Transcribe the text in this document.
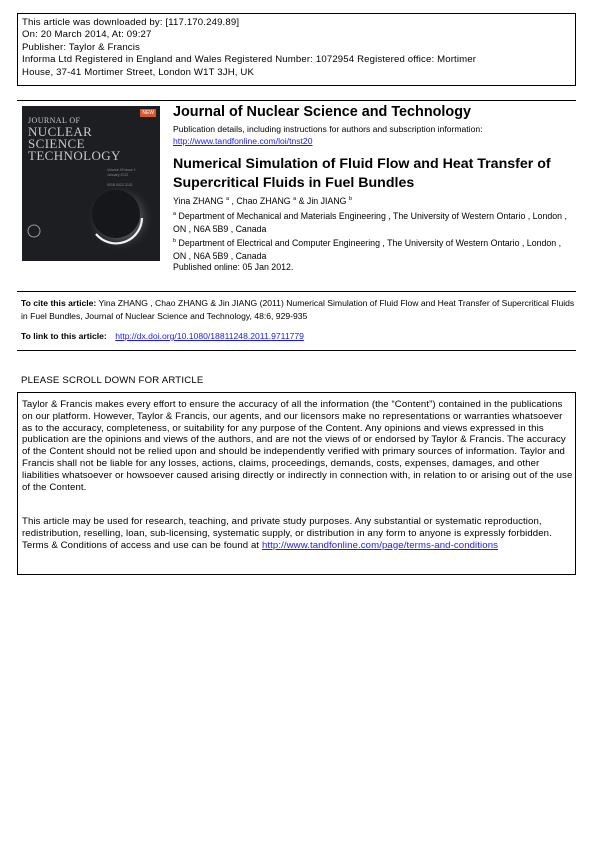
This article was downloaded by: [117.170.249.89]
On: 20 March 2014, At: 09:27
Publisher: Taylor & Francis
Informa Ltd Registered in England and Wales Registered Number: 1072954 Registered office: Mortimer
House, 37-41 Mortimer Street, London W1T 3JH, UK
NEW
JOURNAL OF
NUCLEAR
SCIENCE
TECHNOLOGY
Volume 49 Issue 1 January 2012

ISSN 0022-3131
Journal of Nuclear Science and Technology
Publication details, including instructions for authors and subscription information:
http://www.tandfonline.com/loi/tnst20
Numerical Simulation of Fluid Flow and Heat Transfer of Supercritical Fluids in Fuel Bundles
Yina ZHANG $^a$ , Chao ZHANG $^a$ & Jin JIANG $^b$
$^a$ Department of Mechanical and Materials Engineering , The University of Western Ontario , London , ON , N6A 5B9 , Canada
$^b$ Department of Electrical and Computer Engineering , The University of Western Ontario , London , ON , N6A 5B9 , Canada
Published online: 05 Jan 2012.
To cite this article: Yina ZHANG , Chao ZHANG & Jin JIANG (2011) Numerical Simulation of Fluid Flow and Heat Transfer of Supercritical Fluids in Fuel Bundles, Journal of Nuclear Science and Technology, 48:6, 929-935
To link to this article: http://dx.doi.org/10.1080/18811248.2011.9711779
PLEASE SCROLL DOWN FOR ARTICLE
Taylor & Francis makes every effort to ensure the accuracy of all the information (the “Content”) contained in the publications on our platform. However, Taylor & Francis, our agents, and our licensors make no representations or warranties whatsoever as to the accuracy, completeness, or suitability for any purpose of the Content. Any opinions and views expressed in this publication are the opinions and views of the authors, and are not the views of or endorsed by Taylor & Francis. The accuracy of the Content should not be relied upon and should be independently verified with primary sources of information. Taylor and Francis shall not be liable for any losses, actions, claims, proceedings, demands, costs, expenses, damages, and other liabilities whatsoever or howsoever caused arising directly or indirectly in connection with, in relation to or arising out of the use of the Content.
This article may be used for research, teaching, and private study purposes. Any substantial or systematic reproduction, redistribution, reselling, loan, sub-licensing, systematic supply, or distribution in any form to anyone is expressly forbidden. Terms & Conditions of access and use can be found at http://www.tandfonline.com/page/terms-and-conditions
